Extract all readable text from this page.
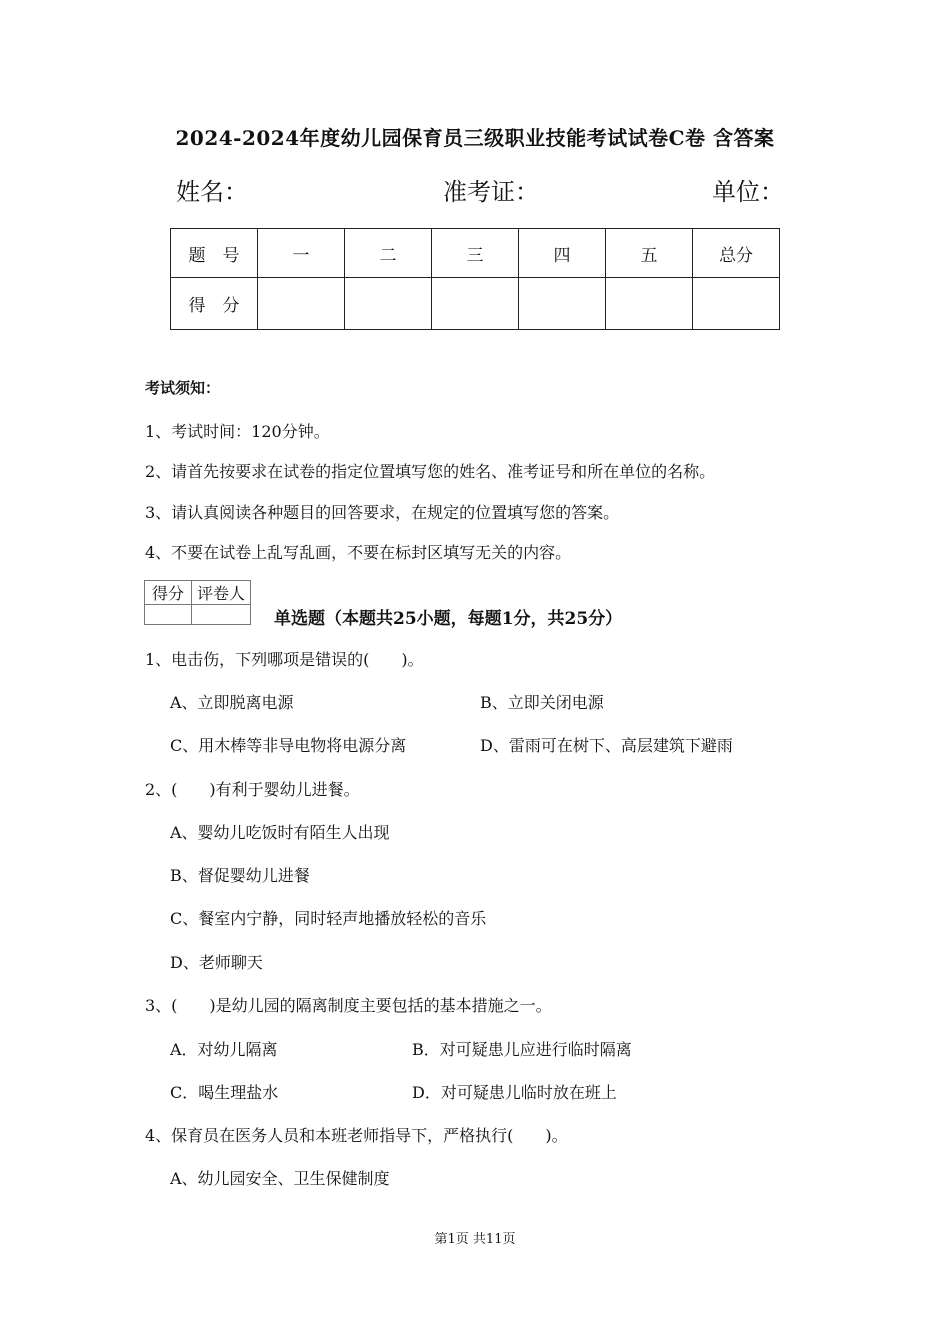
2024-2024年度幼儿园保育员三级职业技能考试试卷C卷 含答案
姓名：	准考证：	单位：
题　号	一	二	三	四	五	总分
得　分						
考试须知：
1、考试时间：120分钟。
2、请首先按要求在试卷的指定位置填写您的姓名、准考证号和所在单位的名称。
3、请认真阅读各种题目的回答要求，在规定的位置填写您的答案。
4、不要在试卷上乱写乱画，不要在标封区填写无关的内容。
得分	评卷人

单选题（本题共25小题，每题1分，共25分）
1、电击伤，下列哪项是错误的(　　)。
A、立即脱离电源	B、立即关闭电源
C、用木棒等非导电物将电源分离	D、雷雨可在树下、高层建筑下避雨
2、(　　)有利于婴幼儿进餐。
A、婴幼儿吃饭时有陌生人出现
B、督促婴幼儿进餐
C、餐室内宁静，同时轻声地播放轻松的音乐
D、老师聊天
3、(　　)是幼儿园的隔离制度主要包括的基本措施之一。
A．对幼儿隔离	B．对可疑患儿应进行临时隔离
C．喝生理盐水	D．对可疑患儿临时放在班上
4、保育员在医务人员和本班老师指导下，严格执行(　　)。
A、幼儿园安全、卫生保健制度
第1页 共11页
